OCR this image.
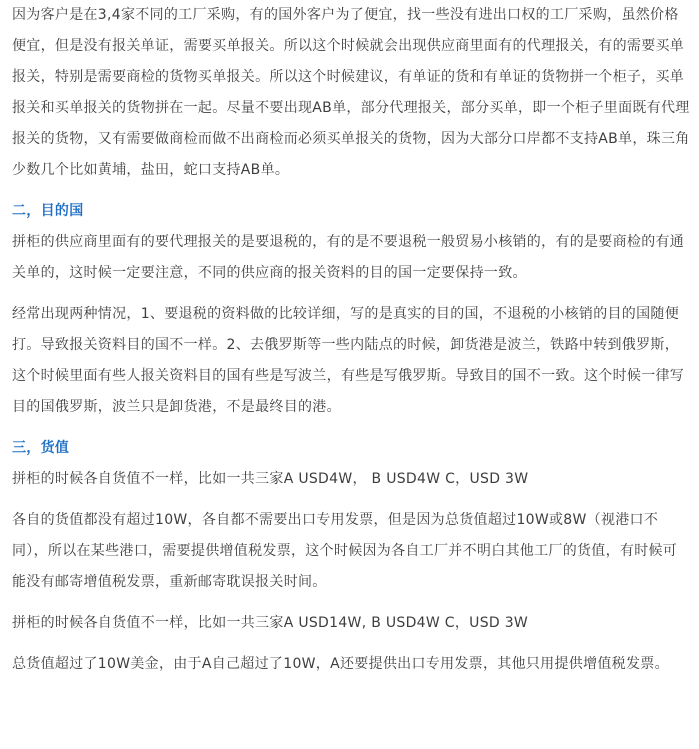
因为客户是在3,4家不同的工厂采购，有的国外客户为了便宜，找一些没有进出口权的工厂采购，虽然价格便宜，但是没有报关单证，需要买单报关。所以这个时候就会出现供应商里面有的代理报关，有的需要买单报关，特别是需要商检的货物买单报关。所以这个时候建议，有单证的货和有单证的货物拼一个柜子，买单报关和买单报关的货物拼在一起。尽量不要出现AB单，部分代理报关，部分买单，即一个柜子里面既有代理报关的货物，又有需要做商检而做不出商检而必须买单报关的货物，因为大部分口岸都不支持AB单，珠三角少数几个比如黄埔，盐田，蛇口支持AB单。

二，目的国

拼柜的供应商里面有的要代理报关的是要退税的，有的是不要退税一般贸易小核销的，有的是要商检的有通关单的，这时候一定要注意，不同的供应商的报关资料的目的国一定要保持一致。

经常出现两种情况，1、要退税的资料做的比较详细，写的是真实的目的国，不退税的小核销的目的国随便打。导致报关资料目的国不一样。2、去俄罗斯等一些内陆点的时候，卸货港是波兰，铁路中转到俄罗斯，这个时候里面有些人报关资料目的国有些是写波兰，有些是写俄罗斯。导致目的国不一致。这个时候一律写目的国俄罗斯，波兰只是卸货港，不是最终目的港。

三，货值

拼柜的时候各自货值不一样，比如一共三家A USD4W， B USD4W C，USD 3W

各自的货值都没有超过10W，各自都不需要出口专用发票，但是因为总货值超过10W或8W（视港口不同），所以在某些港口，需要提供增值税发票，这个时候因为各自工厂并不明白其他工厂的货值，有时候可能没有邮寄增值税发票，重新邮寄耽误报关时间。

拼柜的时候各自货值不一样，比如一共三家A USD14W, B USD4W C，USD 3W

总货值超过了10W美金，由于A自己超过了10W，A还要提供出口专用发票，其他只用提供增值税发票。
